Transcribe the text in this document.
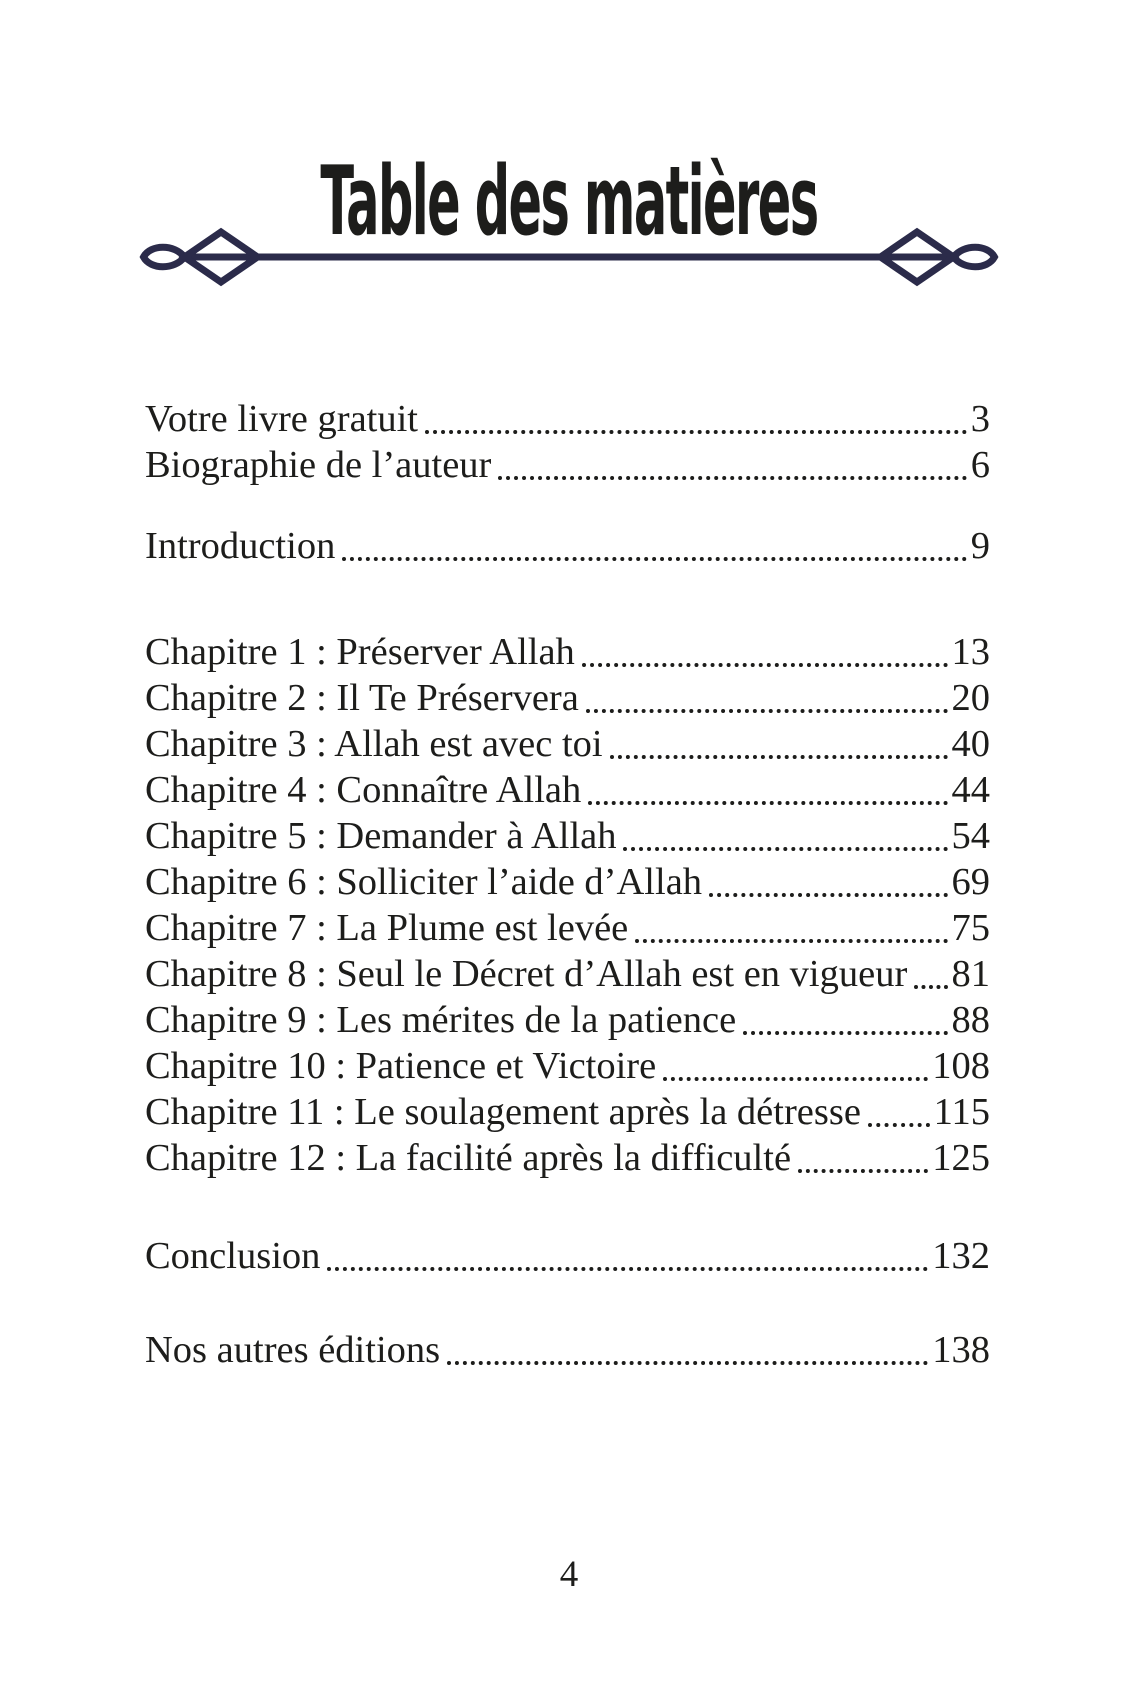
Table des matières
Votre livre gratuit	3
Biographie de l’auteur	6
Introduction	9
Chapitre 1 : Préserver Allah	13
Chapitre 2 : Il Te Préservera	20
Chapitre 3 : Allah est avec toi	40
Chapitre 4 : Connaître Allah	44
Chapitre 5 : Demander à Allah	54
Chapitre 6 : Solliciter l’aide d’Allah	69
Chapitre 7 : La Plume est levée	75
Chapitre 8 : Seul le Décret d’Allah est en vigueur 81
Chapitre 9 : Les mérites de la patience	88
Chapitre 10 : Patience et Victoire	108
Chapitre 11 : Le soulagement après la détresse 115
Chapitre 12 : La facilité après la difficulté	125
Conclusion	132
Nos autres éditions	138
4
